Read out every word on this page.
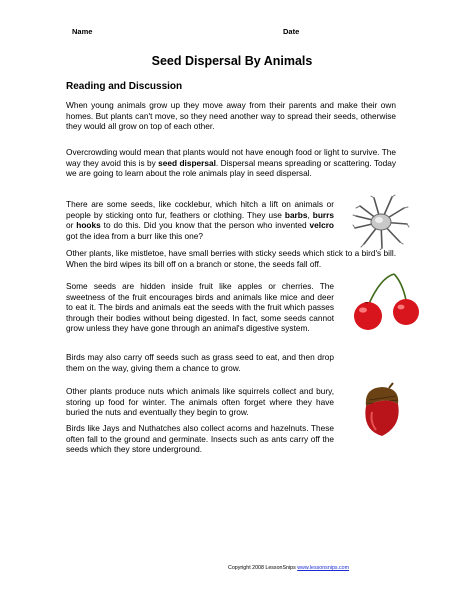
Name	Date
Seed Dispersal By Animals
Reading and Discussion

When young animals grow up they move away from their parents and make their own homes. But plants can't move, so they need another way to spread their seeds, otherwise they would all grow on top of each other.

Overcrowding would mean that plants would not have enough food or light to survive. The way they avoid this is by seed dispersal. Dispersal means spreading or scattering. Today we are going to learn about the role animals play in seed dispersal.

There are some seeds, like cocklebur, which hitch a lift on animals or people by sticking onto fur, feathers or clothing. They use barbs, burrs or hooks to do this. Did you know that the person who invented velcro got the idea from a burr like this one?

Other plants, like mistletoe, have small berries with sticky seeds which stick to a bird's bill. When the bird wipes its bill off on a branch or stone, the seeds fall off.

Some seeds are hidden inside fruit like apples or cherries. The sweetness of the fruit encourages birds and animals like mice and deer to eat it. The birds and animals eat the seeds with the fruit which passes through their bodies without being digested. In fact, some seeds cannot grow unless they have gone through an animal's digestive system.

Birds may also carry off seeds such as grass seed to eat, and then drop them on the way, giving them a chance to grow.

Other plants produce nuts which animals like squirrels collect and bury, storing up food for winter. The animals often forget where they have buried the nuts and eventually they begin to grow.

Birds like Jays and Nuthatches also collect acorns and hazelnuts. These often fall to the ground and germinate. Insects such as ants carry off the seeds which they store underground.

Copyright 2008 LessonSnips www.lessonsnips.com
